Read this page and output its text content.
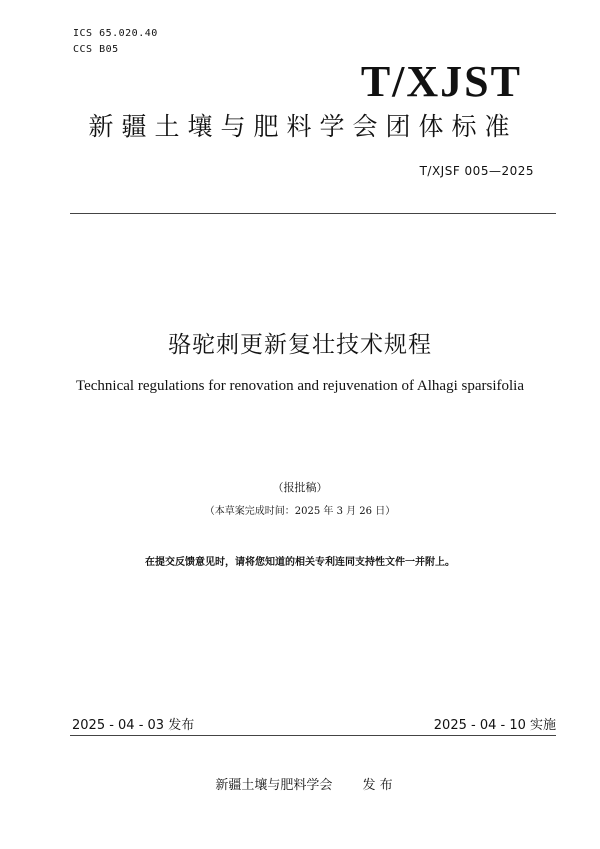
ICS 65.020.40
CCS B05
T/XJST
新疆土壤与肥料学会团体标准
T/XJSF 005—2025
骆驼刺更新复壮技术规程
Technical regulations for renovation and rejuvenation of Alhagi sparsifolia
（报批稿）
（本草案完成时间：2025 年 3 月 26 日）
在提交反馈意见时，请将您知道的相关专利连同支持性文件一并附上。
2025 - 04 - 03 发布	2025 - 04 - 10 实施
新疆土壤与肥料学会 发 布
